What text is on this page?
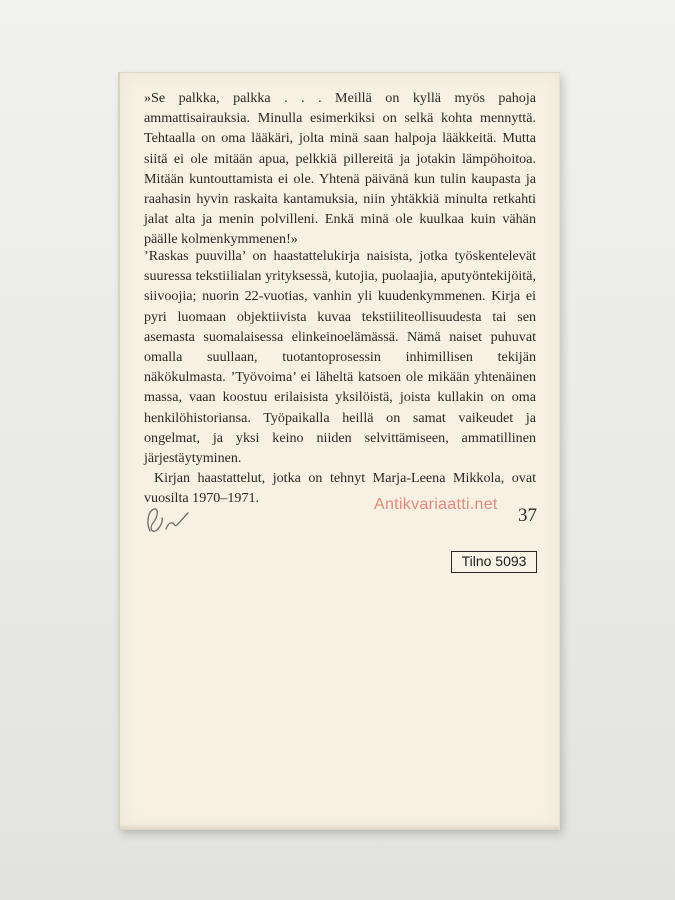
»Se palkka, palkka . . . Meillä on kyllä myös pahoja ammattisairauksia. Minulla esimerkiksi on selkä kohta mennyttä. Tehtaalla on oma lääkäri, jolta minä saan halpoja lääkkeitä. Mutta siitä ei ole mitään apua, pelkkiä pillereitä ja jotakin lämpöhoitoa. Mitään kuntouttamista ei ole. Yhtenä päivänä kun tulin kaupasta ja raahasin hyvin raskaita kantamuksia, niin yhtäkkiä minulta retkahti jalat alta ja menin polvilleni. Enkä minä ole kuulkaa kuin vähän päälle kolmenkymmenen!»

’Raskas puuvilla’ on haastattelukirja naisista, jotka työskentelevät suuressa tekstiilialan yrityksessä, kutojia, puolaajia, aputyöntekijöitä, siivoojia; nuorin 22-vuotias, vanhin yli kuudenkymmenen. Kirja ei pyri luomaan objektiivista kuvaa tekstiiliteollisuudesta tai sen asemasta suomalaisessa elinkeinoelämässä. Nämä naiset puhuvat omalla suullaan, tuotantoprosessin inhimillisen tekijän näkökulmasta. ’Työvoima’ ei läheltä katsoen ole mikään yhtenäinen massa, vaan koostuu erilaisista yksilöistä, joista kullakin on oma henkilöhistoriansa. Työpaikalla heillä on samat vaikeudet ja ongelmat, ja yksi keino niiden selvittämiseen, ammatillinen järjestäytyminen.

Kirjan haastattelut, jotka on tehnyt Marja-Leena Mikkola, ovat vuosilta 1970–1971.

37
Tilno 5093
Antikvariaatti.net
